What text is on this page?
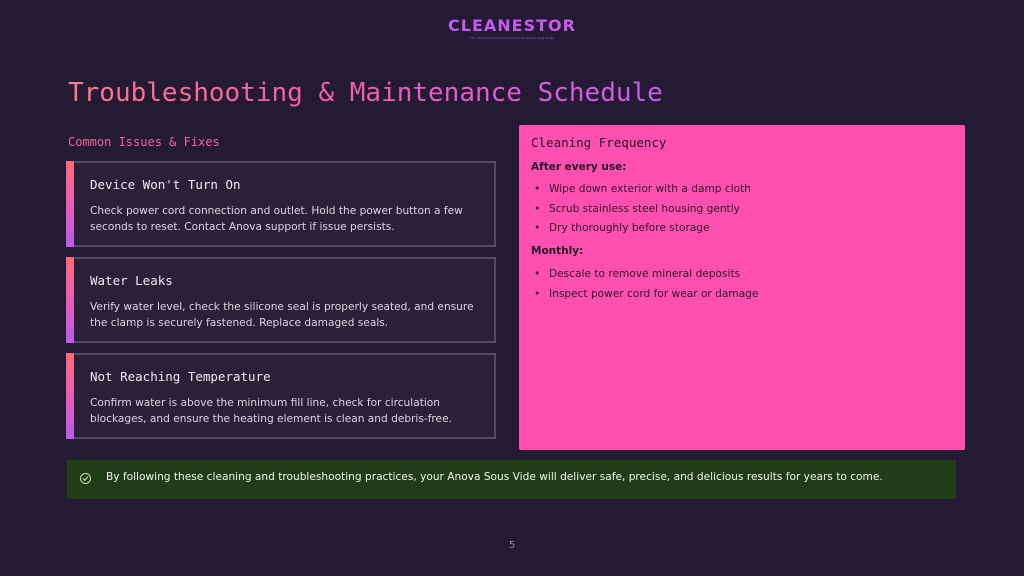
CLEANESTOR
The Ultimate Sous Vide Care and Troubleshooting Guide
Troubleshooting & Maintenance Schedule
Common Issues & Fixes
Device Won't Turn On

Check power cord connection and outlet. Hold the power button a few seconds to reset. Contact Anova support if issue persists.

Water Leaks

Verify water level, check the silicone seal is properly seated, and ensure the clamp is securely fastened. Replace damaged seals.

Not Reaching Temperature

Confirm water is above the minimum fill line, check for circulation blockages, and ensure the heating element is clean and debris-free.

Cleaning Frequency
After every use:
• Wipe down exterior with a damp cloth
• Scrub stainless steel housing gently
• Dry thoroughly before storage
Monthly:
• Descale to remove mineral deposits
• Inspect power cord for wear or damage

By following these cleaning and troubleshooting practices, your Anova Sous Vide will deliver safe, precise, and delicious results for years to come.

5
